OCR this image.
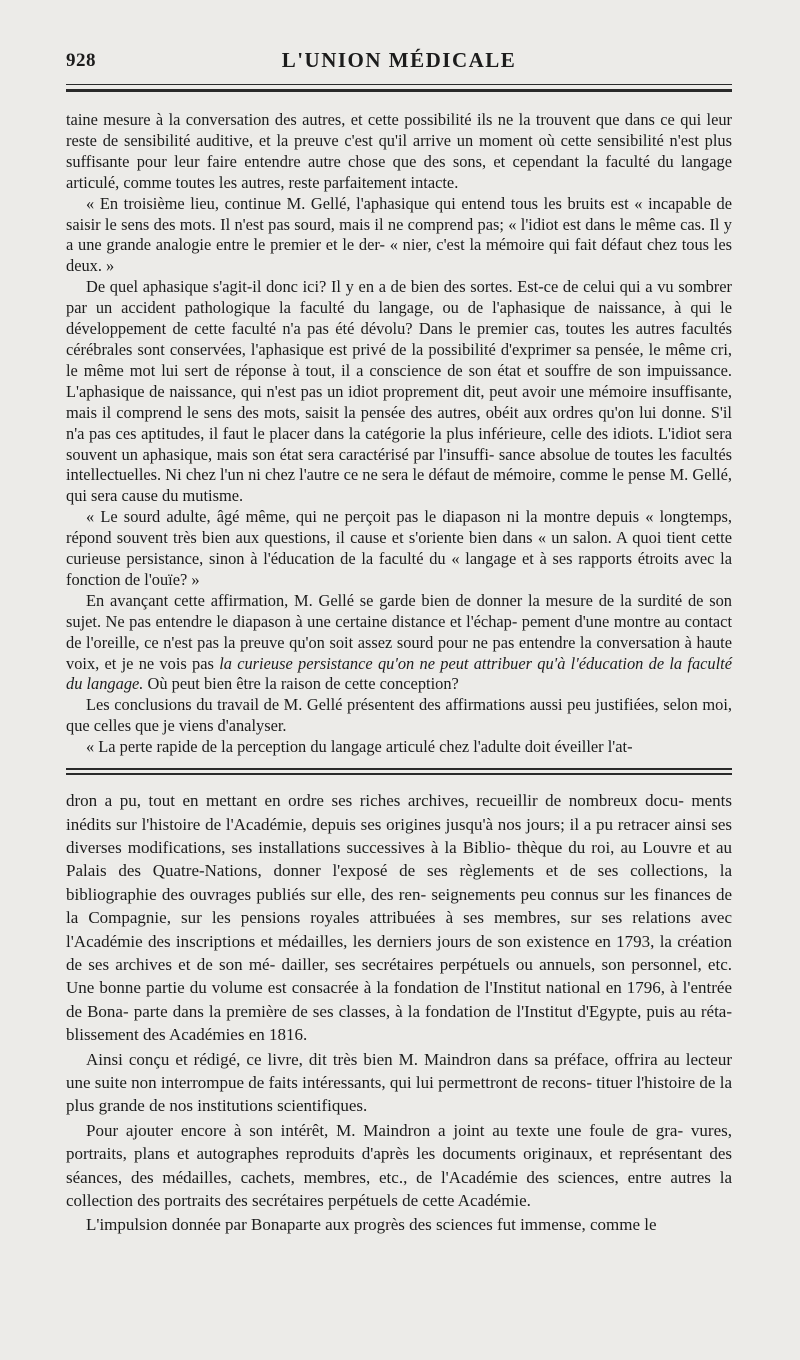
928	L'UNION MÉDICALE

taine mesure à la conversation des autres, et cette possibilité ils ne la trouvent que dans ce qui leur reste de sensibilité auditive, et la preuve c'est qu'il arrive un moment où cette sensibilité n'est plus suffisante pour leur faire entendre autre chose que des sons, et cependant la faculté du langage articulé, comme toutes les autres, reste parfaitement intacte.

« En troisième lieu, continue M. Gellé, l'aphasique qui entend tous les bruits est « incapable de saisir le sens des mots. Il n'est pas sourd, mais il ne comprend pas; « l'idiot est dans le même cas. Il y a une grande analogie entre le premier et le der- « nier, c'est la mémoire qui fait défaut chez tous les deux. »

De quel aphasique s'agit-il donc ici? Il y en a de bien des sortes. Est-ce de celui qui a vu sombrer par un accident pathologique la faculté du langage, ou de l'aphasique de naissance, à qui le développement de cette faculté n'a pas été dévolu? Dans le premier cas, toutes les autres facultés cérébrales sont conservées, l'aphasique est privé de la possibilité d'exprimer sa pensée, le même cri, le même mot lui sert de réponse à tout, il a conscience de son état et souffre de son impuissance. L'aphasique de naissance, qui n'est pas un idiot proprement dit, peut avoir une mémoire insuffisante, mais il comprend le sens des mots, saisit la pensée des autres, obéit aux ordres qu'on lui donne. S'il n'a pas ces aptitudes, il faut le placer dans la catégorie la plus inférieure, celle des idiots. L'idiot sera souvent un aphasique, mais son état sera caractérisé par l'insuffi- sance absolue de toutes les facultés intellectuelles. Ni chez l'un ni chez l'autre ce ne sera le défaut de mémoire, comme le pense M. Gellé, qui sera cause du mutisme.

« Le sourd adulte, âgé même, qui ne perçoit pas le diapason ni la montre depuis « longtemps, répond souvent très bien aux questions, il cause et s'oriente bien dans « un salon. A quoi tient cette curieuse persistance, sinon à l'éducation de la faculté du « langage et à ses rapports étroits avec la fonction de l'ouïe? »

En avançant cette affirmation, M. Gellé se garde bien de donner la mesure de la surdité de son sujet. Ne pas entendre le diapason à une certaine distance et l'échap- pement d'une montre au contact de l'oreille, ce n'est pas la preuve qu'on soit assez sourd pour ne pas entendre la conversation à haute voix, et je ne vois pas la curieuse persistance qu'on ne peut attribuer qu'à l'éducation de la faculté du langage. Où peut bien être la raison de cette conception?

Les conclusions du travail de M. Gellé présentent des affirmations aussi peu justifiées, selon moi, que celles que je viens d'analyser.

« La perte rapide de la perception du langage articulé chez l'adulte doit éveiller l'at-

dron a pu, tout en mettant en ordre ses riches archives, recueillir de nombreux docu- ments inédits sur l'histoire de l'Académie, depuis ses origines jusqu'à nos jours; il a pu retracer ainsi ses diverses modifications, ses installations successives à la Biblio- thèque du roi, au Louvre et au Palais des Quatre-Nations, donner l'exposé de ses règlements et de ses collections, la bibliographie des ouvrages publiés sur elle, des ren- seignements peu connus sur les finances de la Compagnie, sur les pensions royales attribuées à ses membres, sur ses relations avec l'Académie des inscriptions et médailles, les derniers jours de son existence en 1793, la création de ses archives et de son mé- dailler, ses secrétaires perpétuels ou annuels, son personnel, etc. Une bonne partie du volume est consacrée à la fondation de l'Institut national en 1796, à l'entrée de Bona- parte dans la première de ses classes, à la fondation de l'Institut d'Egypte, puis au réta- blissement des Académies en 1816.

Ainsi conçu et rédigé, ce livre, dit très bien M. Maindron dans sa préface, offrira au lecteur une suite non interrompue de faits intéressants, qui lui permettront de recons- tituer l'histoire de la plus grande de nos institutions scientifiques.

Pour ajouter encore à son intérêt, M. Maindron a joint au texte une foule de gra- vures, portraits, plans et autographes reproduits d'après les documents originaux, et représentant des séances, des médailles, cachets, membres, etc., de l'Académie des sciences, entre autres la collection des portraits des secrétaires perpétuels de cette Académie.

L'impulsion donnée par Bonaparte aux progrès des sciences fut immense, comme le
